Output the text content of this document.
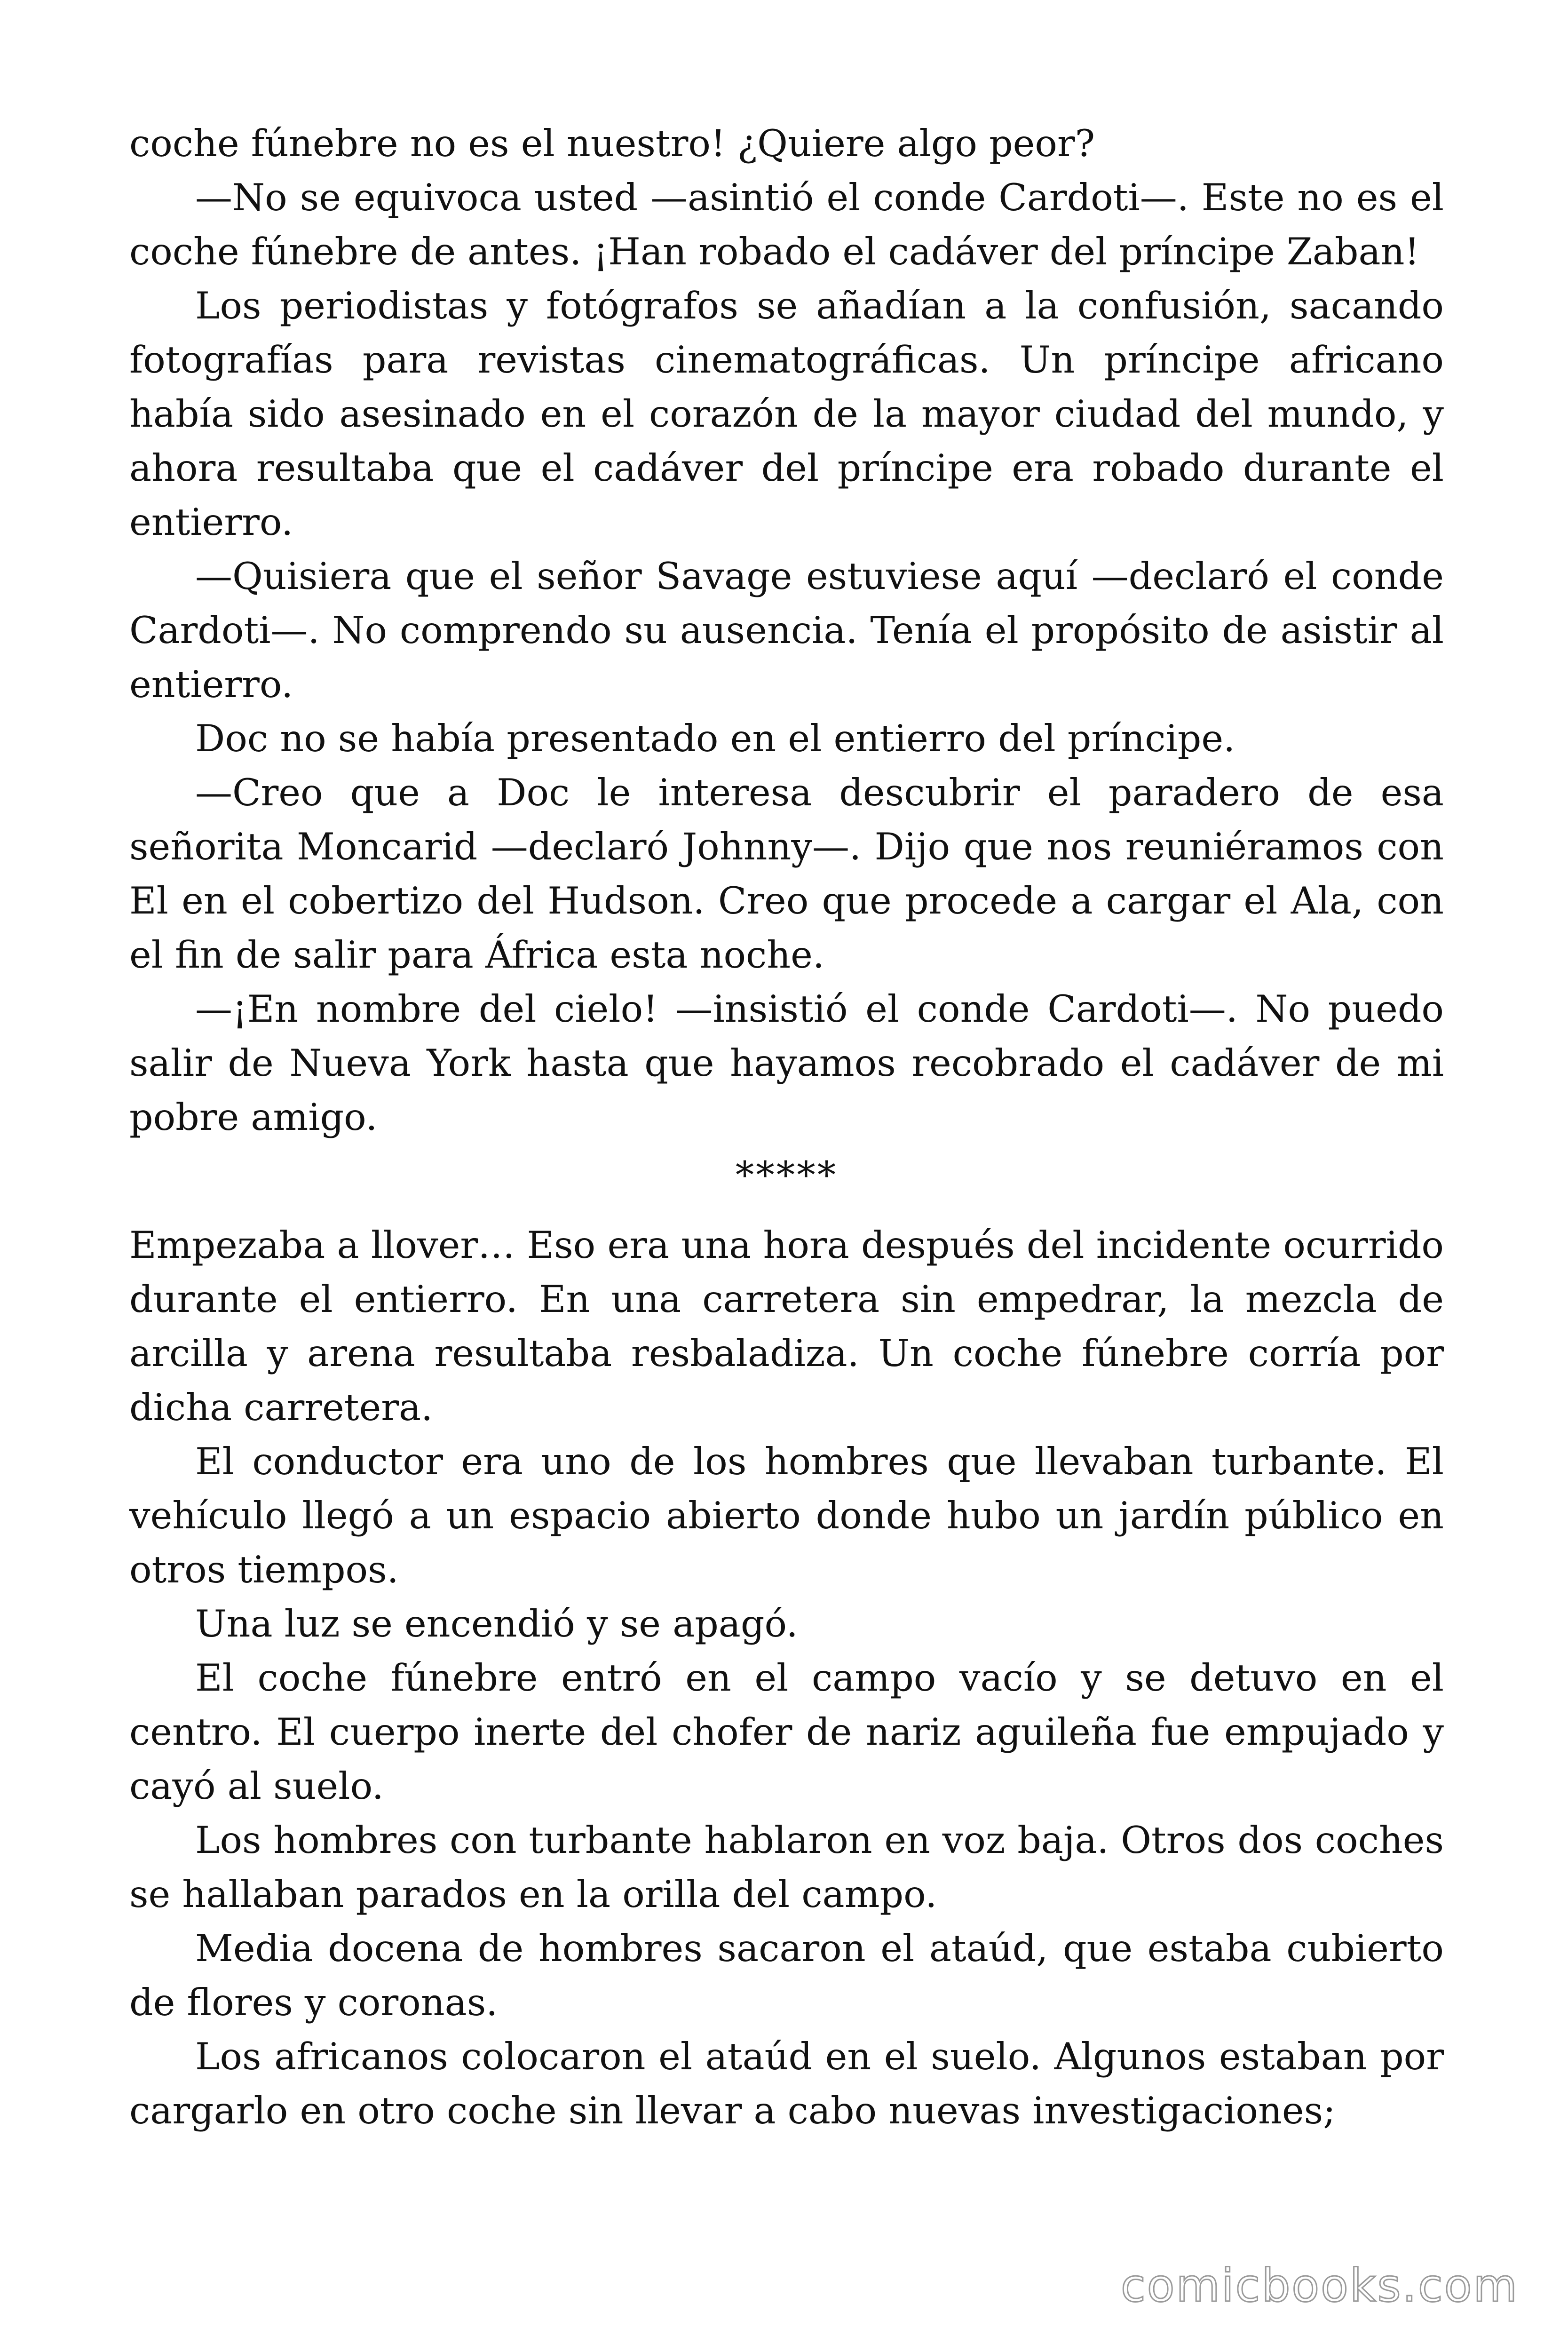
coche fúnebre no es el nuestro! ¿Quiere algo peor?

—No se equivoca usted —asintió el conde Cardoti—. Este no es el coche fúnebre de antes. ¡Han robado el cadáver del príncipe Zaban!

Los periodistas y fotógrafos se añadían a la confusión, sacando fotografías para revistas cinematográficas. Un príncipe africano había sido asesinado en el corazón de la mayor ciudad del mundo, y ahora resultaba que el cadáver del príncipe era robado durante el entierro.

—Quisiera que el señor Savage estuviese aquí —declaró el conde Cardoti—. No comprendo su ausencia. Tenía el propósito de asistir al entierro.

Doc no se había presentado en el entierro del príncipe.

—Creo que a Doc le interesa descubrir el paradero de esa señorita Moncarid —declaró Johnny—. Dijo que nos reuniéramos con El en el cobertizo del Hudson. Creo que procede a cargar el Ala, con el fin de salir para África esta noche.

—¡En nombre del cielo! —insistió el conde Cardoti—. No puedo salir de Nueva York hasta que hayamos recobrado el cadáver de mi pobre amigo.

*****

Empezaba a llover… Eso era una hora después del incidente ocurrido durante el entierro. En una carretera sin empedrar, la mezcla de arcilla y arena resultaba resbaladiza. Un coche fúnebre corría por dicha carretera.

El conductor era uno de los hombres que llevaban turbante. El vehículo llegó a un espacio abierto donde hubo un jardín público en otros tiempos.

Una luz se encendió y se apagó.

El coche fúnebre entró en el campo vacío y se detuvo en el centro. El cuerpo inerte del chofer de nariz aguileña fue empujado y cayó al suelo.

Los hombres con turbante hablaron en voz baja. Otros dos coches se hallaban parados en la orilla del campo.

Media docena de hombres sacaron el ataúd, que estaba cubierto de flores y coronas.

Los africanos colocaron el ataúd en el suelo. Algunos estaban por cargarlo en otro coche sin llevar a cabo nuevas investigaciones;

comicbooks.com
